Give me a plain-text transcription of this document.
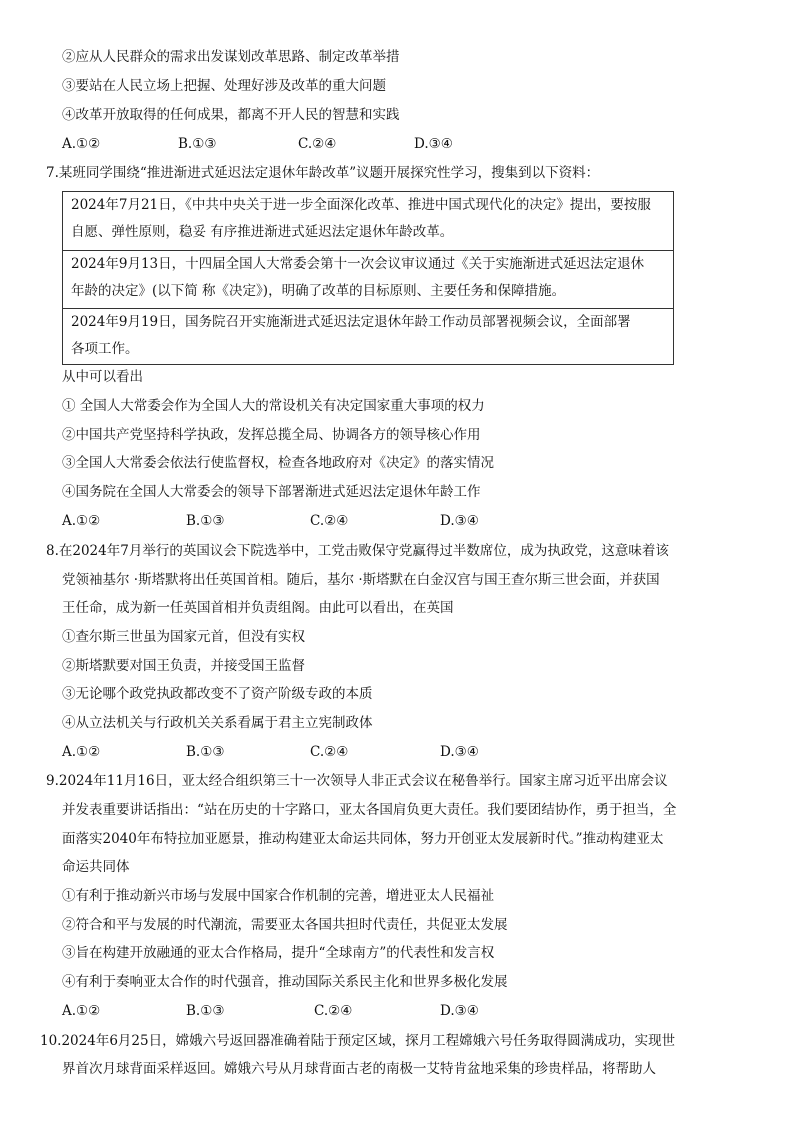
②应从人民群众的需求出发谋划改革思路、制定改革举措
③要站在人民立场上把握、处理好涉及改革的重大问题
④改革开放取得的任何成果，都离不开人民的智慧和实践
A.①②	B.①③	C.②④	D.③④
7.某班同学围绕“推进渐进式延迟法定退休年龄改革”议题开展探究性学习，搜集到以下资料：
2024年7月21日，《中共中央关于进一步全面深化改革、推进中国式现代化的决定》提出，要按服
自愿、弹性原则，稳妥 有序推进渐进式延迟法定退休年龄改革。
2024年9月13日，十四届全国人大常委会第十一次会议审议通过《关于实施渐进式延迟法定退休
年龄的决定》(以下简 称《决定》)，明确了改革的目标原则、主要任务和保障措施。
2024年9月19日，国务院召开实施渐进式延迟法定退休年龄工作动员部署视频会议，全面部署
各项工作。
从中可以看出
① 全国人大常委会作为全国人大的常设机关有决定国家重大事项的权力
②中国共产党坚持科学执政，发挥总揽全局、协调各方的领导核心作用
③全国人大常委会依法行使监督权，检查各地政府对《决定》的落实情况
④国务院在全国人大常委会的领导下部署渐进式延迟法定退休年龄工作
A.①②	B.①③	C.②④	D.③④
8.在2024年7月举行的英国议会下院选举中，工党击败保守党赢得过半数席位，成为执政党，这意味着该
党领袖基尔 ·斯塔默将出任英国首相。随后，基尔 ·斯塔默在白金汉宫与国王查尔斯三世会面，并获国
王任命，成为新一任英国首相并负责组阁。由此可以看出，在英国
①查尔斯三世虽为国家元首，但没有实权
②斯塔默要对国王负责，并接受国王监督
③无论哪个政党执政都改变不了资产阶级专政的本质
④从立法机关与行政机关关系看属于君主立宪制政体
A.①②	B.①③	C.②④	D.③④
9.2024年11月16日，亚太经合组织第三十一次领导人非正式会议在秘鲁举行。国家主席习近平出席会议
并发表重要讲话指出：“站在历史的十字路口，亚太各国肩负更大责任。我们要团结协作，勇于担当，全
面落实2040年布特拉加亚愿景，推动构建亚太命运共同体，努力开创亚太发展新时代。”推动构建亚太
命运共同体
①有利于推动新兴市场与发展中国家合作机制的完善，增进亚太人民福祉
②符合和平与发展的时代潮流，需要亚太各国共担时代责任，共促亚太发展
③旨在构建开放融通的亚太合作格局，提升“全球南方”的代表性和发言权
④有利于奏响亚太合作的时代强音，推动国际关系民主化和世界多极化发展
A.①②	B.①③	C.②④	D.③④
10.2024年6月25日，嫦娥六号返回器准确着陆于预定区域，探月工程嫦娥六号任务取得圆满成功，实现世
界首次月球背面采样返回。嫦娥六号从月球背面古老的南极一艾特肯盆地采集的珍贵样品，将帮助人
